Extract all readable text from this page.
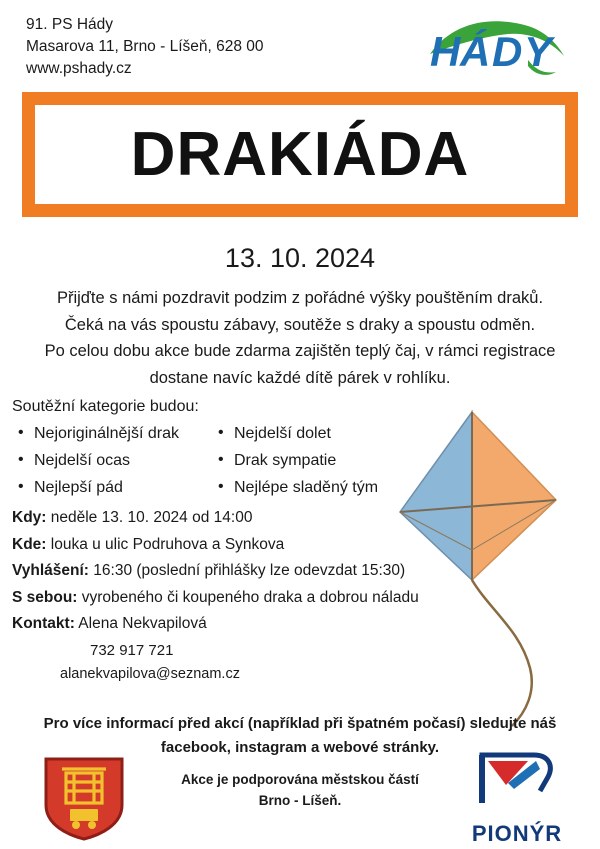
91. PS Hády
Masarova 11, Brno - Líšeň, 628 00
www.pshady.cz	H Á D Y
DRAKIÁDA
13. 10. 2024
Přijďte s námi pozdravit podzim z pořádné výšky pouštěním draků.
Čeká na vás spoustu zábavy, soutěže s draky a spoustu odměn.
Po celou dobu akce bude zdarma zajištěn teplý čaj, v rámci registrace
dostane navíc každé dítě párek v rohlíku.
Soutěžní kategorie budou:
• Nejoriginálnější drak
• Nejdelší ocas
• Nejlepší pád
• Nejdelší dolet
• Drak sympatie
• Nejlépe sladěný tým
Kdy: neděle 13. 10. 2024 od 14:00
Kde: louka u ulic Podruhova a Synkova
Vyhlášení: 16:30 (poslední přihlášky lze odevzdat 15:30)
S sebou: vyrobeného či koupeného draka a dobrou náladu
Kontakt: Alena Nekvapilová
732 917 721
alanekvapilova@seznam.cz
Pro více informací před akcí (například při špatném počasí) sledujte náš
facebook, instagram a webové stránky.
Akce je podporována městskou částí
Brno - Líšeň.
PIONÝR
